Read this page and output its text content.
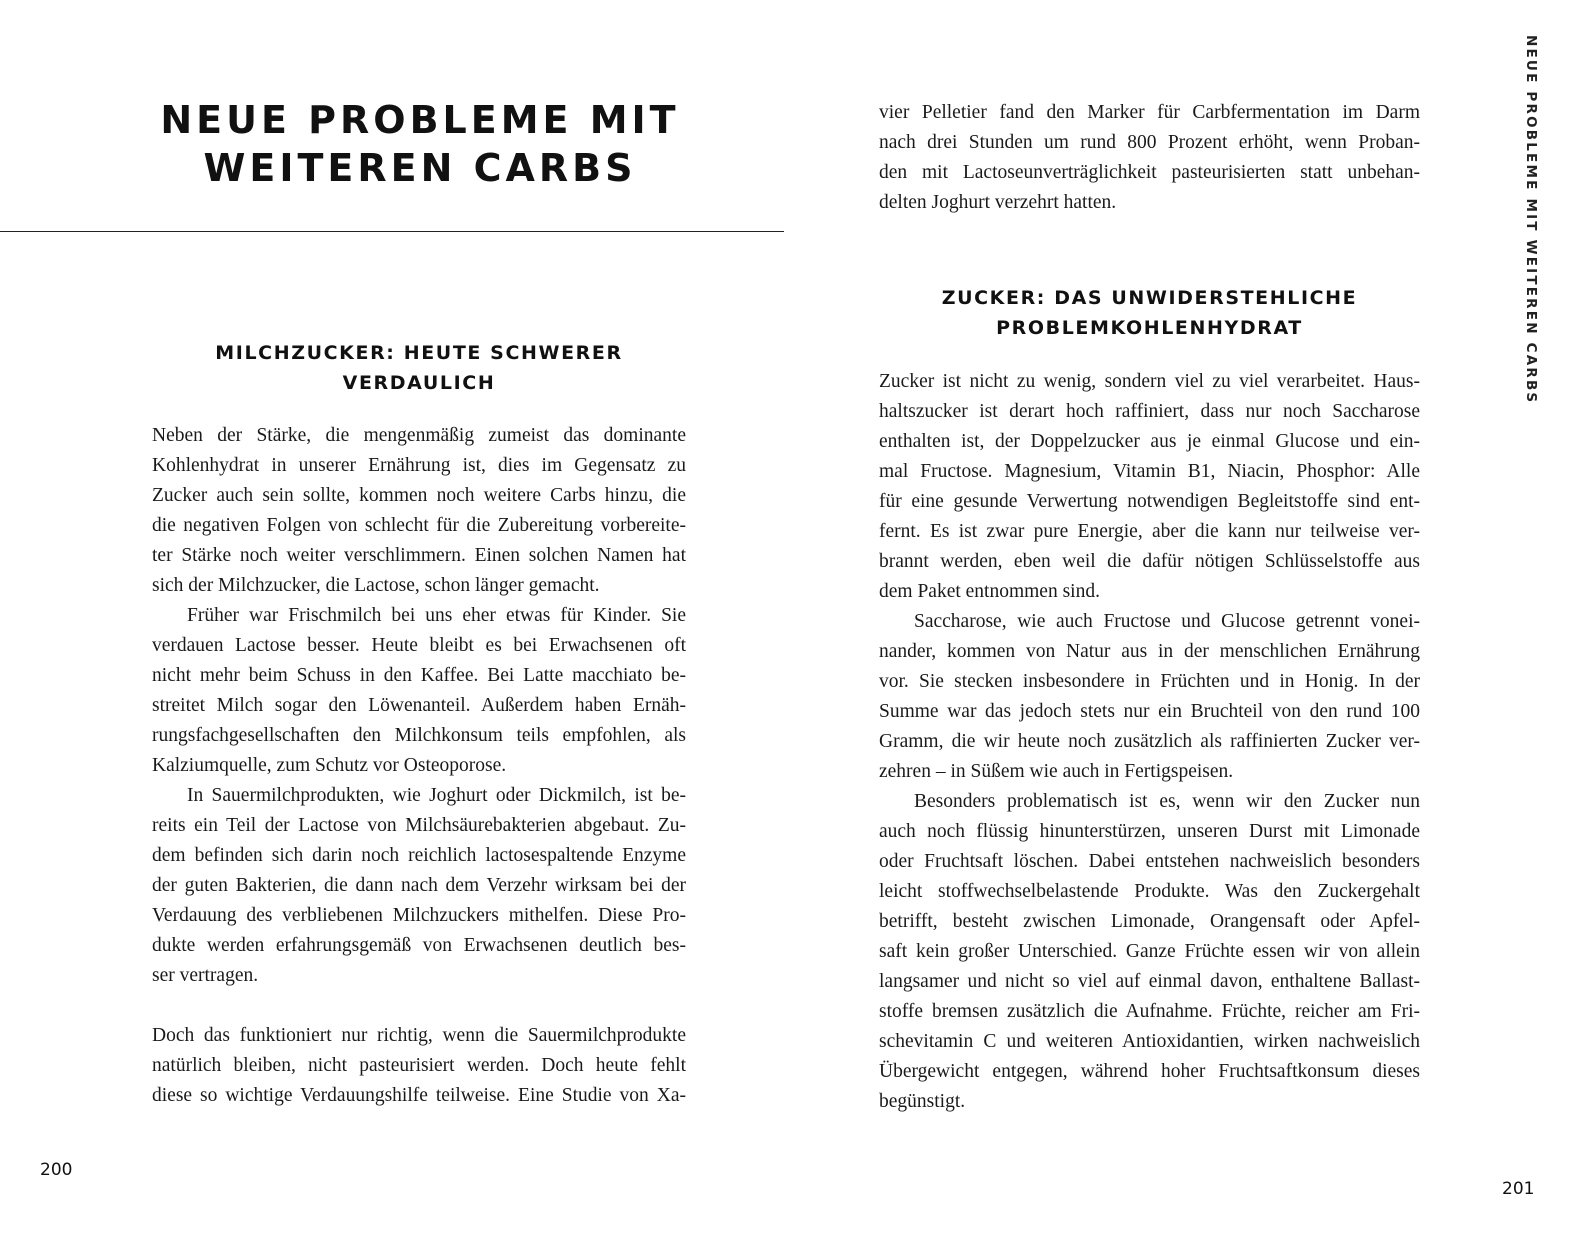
NEUE PROBLEME MIT
WEITEREN CARBS
MILCHZUCKER: HEUTE SCHWERER
VERDAULICH
Neben der Stärke, die mengenmäßig zumeist das dominante
Kohlenhydrat in unserer Ernährung ist, dies im Gegensatz zu
Zucker auch sein sollte, kommen noch weitere Carbs hinzu, die
die negativen Folgen von schlecht für die Zubereitung vorbereite-
ter Stärke noch weiter verschlimmern. Einen solchen Namen hat
sich der Milchzucker, die Lactose, schon länger gemacht.
Früher war Frischmilch bei uns eher etwas für Kinder. Sie
verdauen Lactose besser. Heute bleibt es bei Erwachsenen oft
nicht mehr beim Schuss in den Kaffee. Bei Latte macchiato be-
streitet Milch sogar den Löwenanteil. Außerdem haben Ernäh-
rungsfachgesellschaften den Milchkonsum teils empfohlen, als
Kalziumquelle, zum Schutz vor Osteoporose.
In Sauermilchprodukten, wie Joghurt oder Dickmilch, ist be-
reits ein Teil der Lactose von Milchsäurebakterien abgebaut. Zu-
dem befinden sich darin noch reichlich lactosespaltende Enzyme
der guten Bakterien, die dann nach dem Verzehr wirksam bei der
Verdauung des verbliebenen Milchzuckers mithelfen. Diese Pro-
dukte werden erfahrungsgemäß von Erwachsenen deutlich bes-
ser vertragen.
Doch das funktioniert nur richtig, wenn die Sauermilchprodukte
natürlich bleiben, nicht pasteurisiert werden. Doch heute fehlt
diese so wichtige Verdauungshilfe teilweise. Eine Studie von Xa-
200
vier Pelletier fand den Marker für Carbfermentation im Darm
nach drei Stunden um rund 800 Prozent erhöht, wenn Proban-
den mit Lactoseunverträglichkeit pasteurisierten statt unbehan-
delten Joghurt verzehrt hatten.
ZUCKER: DAS UNWIDERSTEHLICHE
PROBLEMKOHLENHYDRAT
Zucker ist nicht zu wenig, sondern viel zu viel verarbeitet. Haus-
haltszucker ist derart hoch raffiniert, dass nur noch Saccharose
enthalten ist, der Doppelzucker aus je einmal Glucose und ein-
mal Fructose. Magnesium, Vitamin B1, Niacin, Phosphor: Alle
für eine gesunde Verwertung notwendigen Begleitstoffe sind ent-
fernt. Es ist zwar pure Energie, aber die kann nur teilweise ver-
brannt werden, eben weil die dafür nötigen Schlüsselstoffe aus
dem Paket entnommen sind.
Saccharose, wie auch Fructose und Glucose getrennt vonei-
nander, kommen von Natur aus in der menschlichen Ernährung
vor. Sie stecken insbesondere in Früchten und in Honig. In der
Summe war das jedoch stets nur ein Bruchteil von den rund 100
Gramm, die wir heute noch zusätzlich als raffinierten Zucker ver-
zehren – in Süßem wie auch in Fertigspeisen.
Besonders problematisch ist es, wenn wir den Zucker nun
auch noch flüssig hinunterstürzen, unseren Durst mit Limonade
oder Fruchtsaft löschen. Dabei entstehen nachweislich besonders
leicht stoffwechselbelastende Produkte. Was den Zuckergehalt
betrifft, besteht zwischen Limonade, Orangensaft oder Apfel-
saft kein großer Unterschied. Ganze Früchte essen wir von allein
langsamer und nicht so viel auf einmal davon, enthaltene Ballast-
stoffe bremsen zusätzlich die Aufnahme. Früchte, reicher am Fri-
schevitamin C und weiteren Antioxidantien, wirken nachweislich
Übergewicht entgegen, während hoher Fruchtsaftkonsum dieses
begünstigt.
NEUE PROBLEME MIT WEITEREN CARBS
201
